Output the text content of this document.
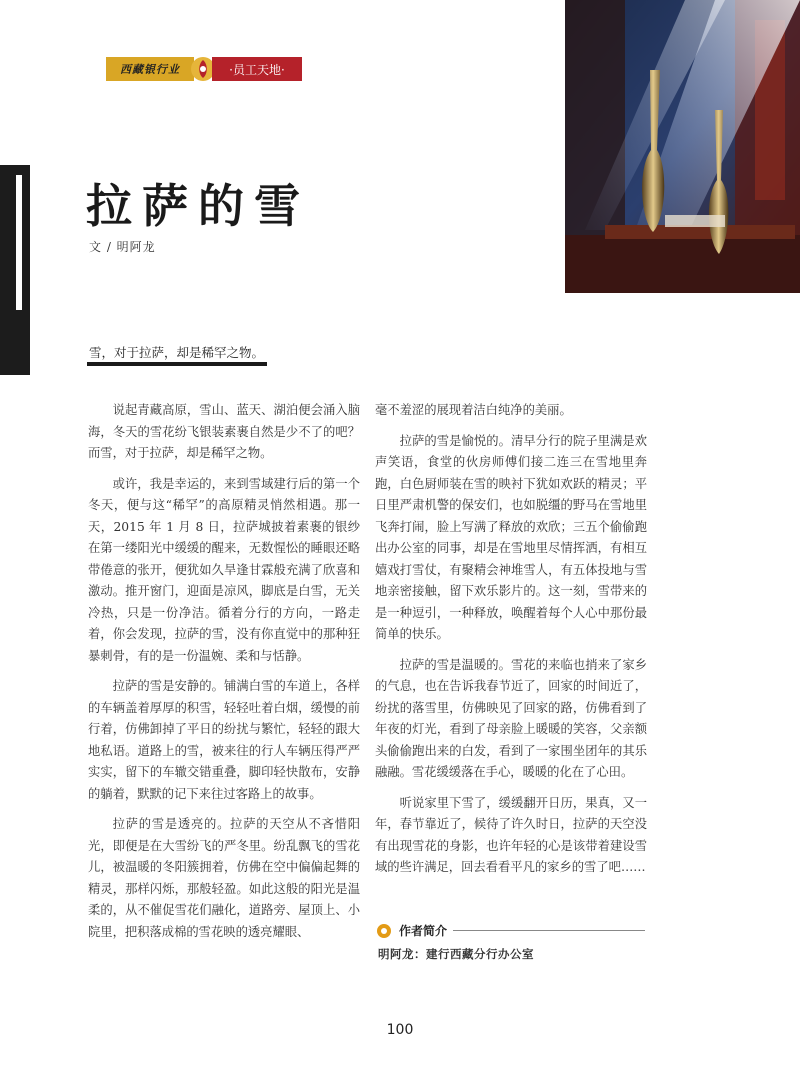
西藏银行业	·员工天地·
拉萨的雪
文 / 明阿龙
雪，对于拉萨，却是稀罕之物。

说起青藏高原，雪山、蓝天、湖泊便会涌入脑海，冬天的雪花纷飞银装素裹自然是少不了的吧？而雪，对于拉萨，却是稀罕之物。

或许，我是幸运的，来到雪域建行后的第一个冬天，便与这“稀罕”的高原精灵悄然相遇。那一天，2015 年 1 月 8 日，拉萨城披着素裹的银纱在第一缕阳光中缓缓的醒来，无数惺忪的睡眼还略带倦意的张开，便犹如久旱逢甘霖般充满了欣喜和激动。推开窗门，迎面是凉风，脚底是白雪，无关冷热，只是一份净洁。循着分行的方向，一路走着，你会发现，拉萨的雪，没有你直觉中的那种狂暴刺骨，有的是一份温婉、柔和与恬静。

拉萨的雪是安静的。铺满白雪的车道上，各样的车辆盖着厚厚的积雪，轻轻吐着白烟，缓慢的前行着，仿佛卸掉了平日的纷扰与繁忙，轻轻的跟大地私语。道路上的雪，被来往的行人车辆压得严严实实，留下的车辙交错重叠，脚印轻快散布，安静的躺着，默默的记下来往过客路上的故事。

拉萨的雪是透亮的。拉萨的天空从不吝惜阳光，即便是在大雪纷飞的严冬里。纷乱飘飞的雪花儿，被温暖的冬阳簇拥着，仿佛在空中偏偏起舞的精灵，那样闪烁，那般轻盈。如此这般的阳光是温柔的，从不催促雪花们融化，道路旁、屋顶上、小院里，把积落成棉的雪花映的透亮耀眼、

毫不羞涩的展现着洁白纯净的美丽。

拉萨的雪是愉悦的。清早分行的院子里满是欢声笑语，食堂的伙房师傅们接二连三在雪地里奔跑，白色厨师装在雪的映衬下犹如欢跃的精灵；平日里严肃机警的保安们，也如脱缰的野马在雪地里飞奔打闹，脸上写满了释放的欢欣；三五个偷偷跑出办公室的同事，却是在雪地里尽情挥洒，有相互嬉戏打雪仗，有聚精会神堆雪人，有五体投地与雪地亲密接触，留下欢乐影片的。这一刻，雪带来的是一种逗引，一种释放，唤醒着每个人心中那份最简单的快乐。

拉萨的雪是温暖的。雪花的来临也捎来了家乡的气息，也在告诉我春节近了，回家的时间近了，纷扰的落雪里，仿佛映见了回家的路，仿佛看到了年夜的灯光，看到了母亲脸上暖暖的笑容，父亲额头偷偷跑出来的白发，看到了一家围坐团年的其乐融融。雪花缓缓落在手心，暖暖的化在了心田。

听说家里下雪了，缓缓翻开日历，果真，又一年，春节靠近了，候待了许久时日，拉萨的天空没有出现雪花的身影，也许年轻的心是该带着建设雪域的些许满足，回去看看平凡的家乡的雪了吧……

作者简介
明阿龙：建行西藏分行办公室
100
